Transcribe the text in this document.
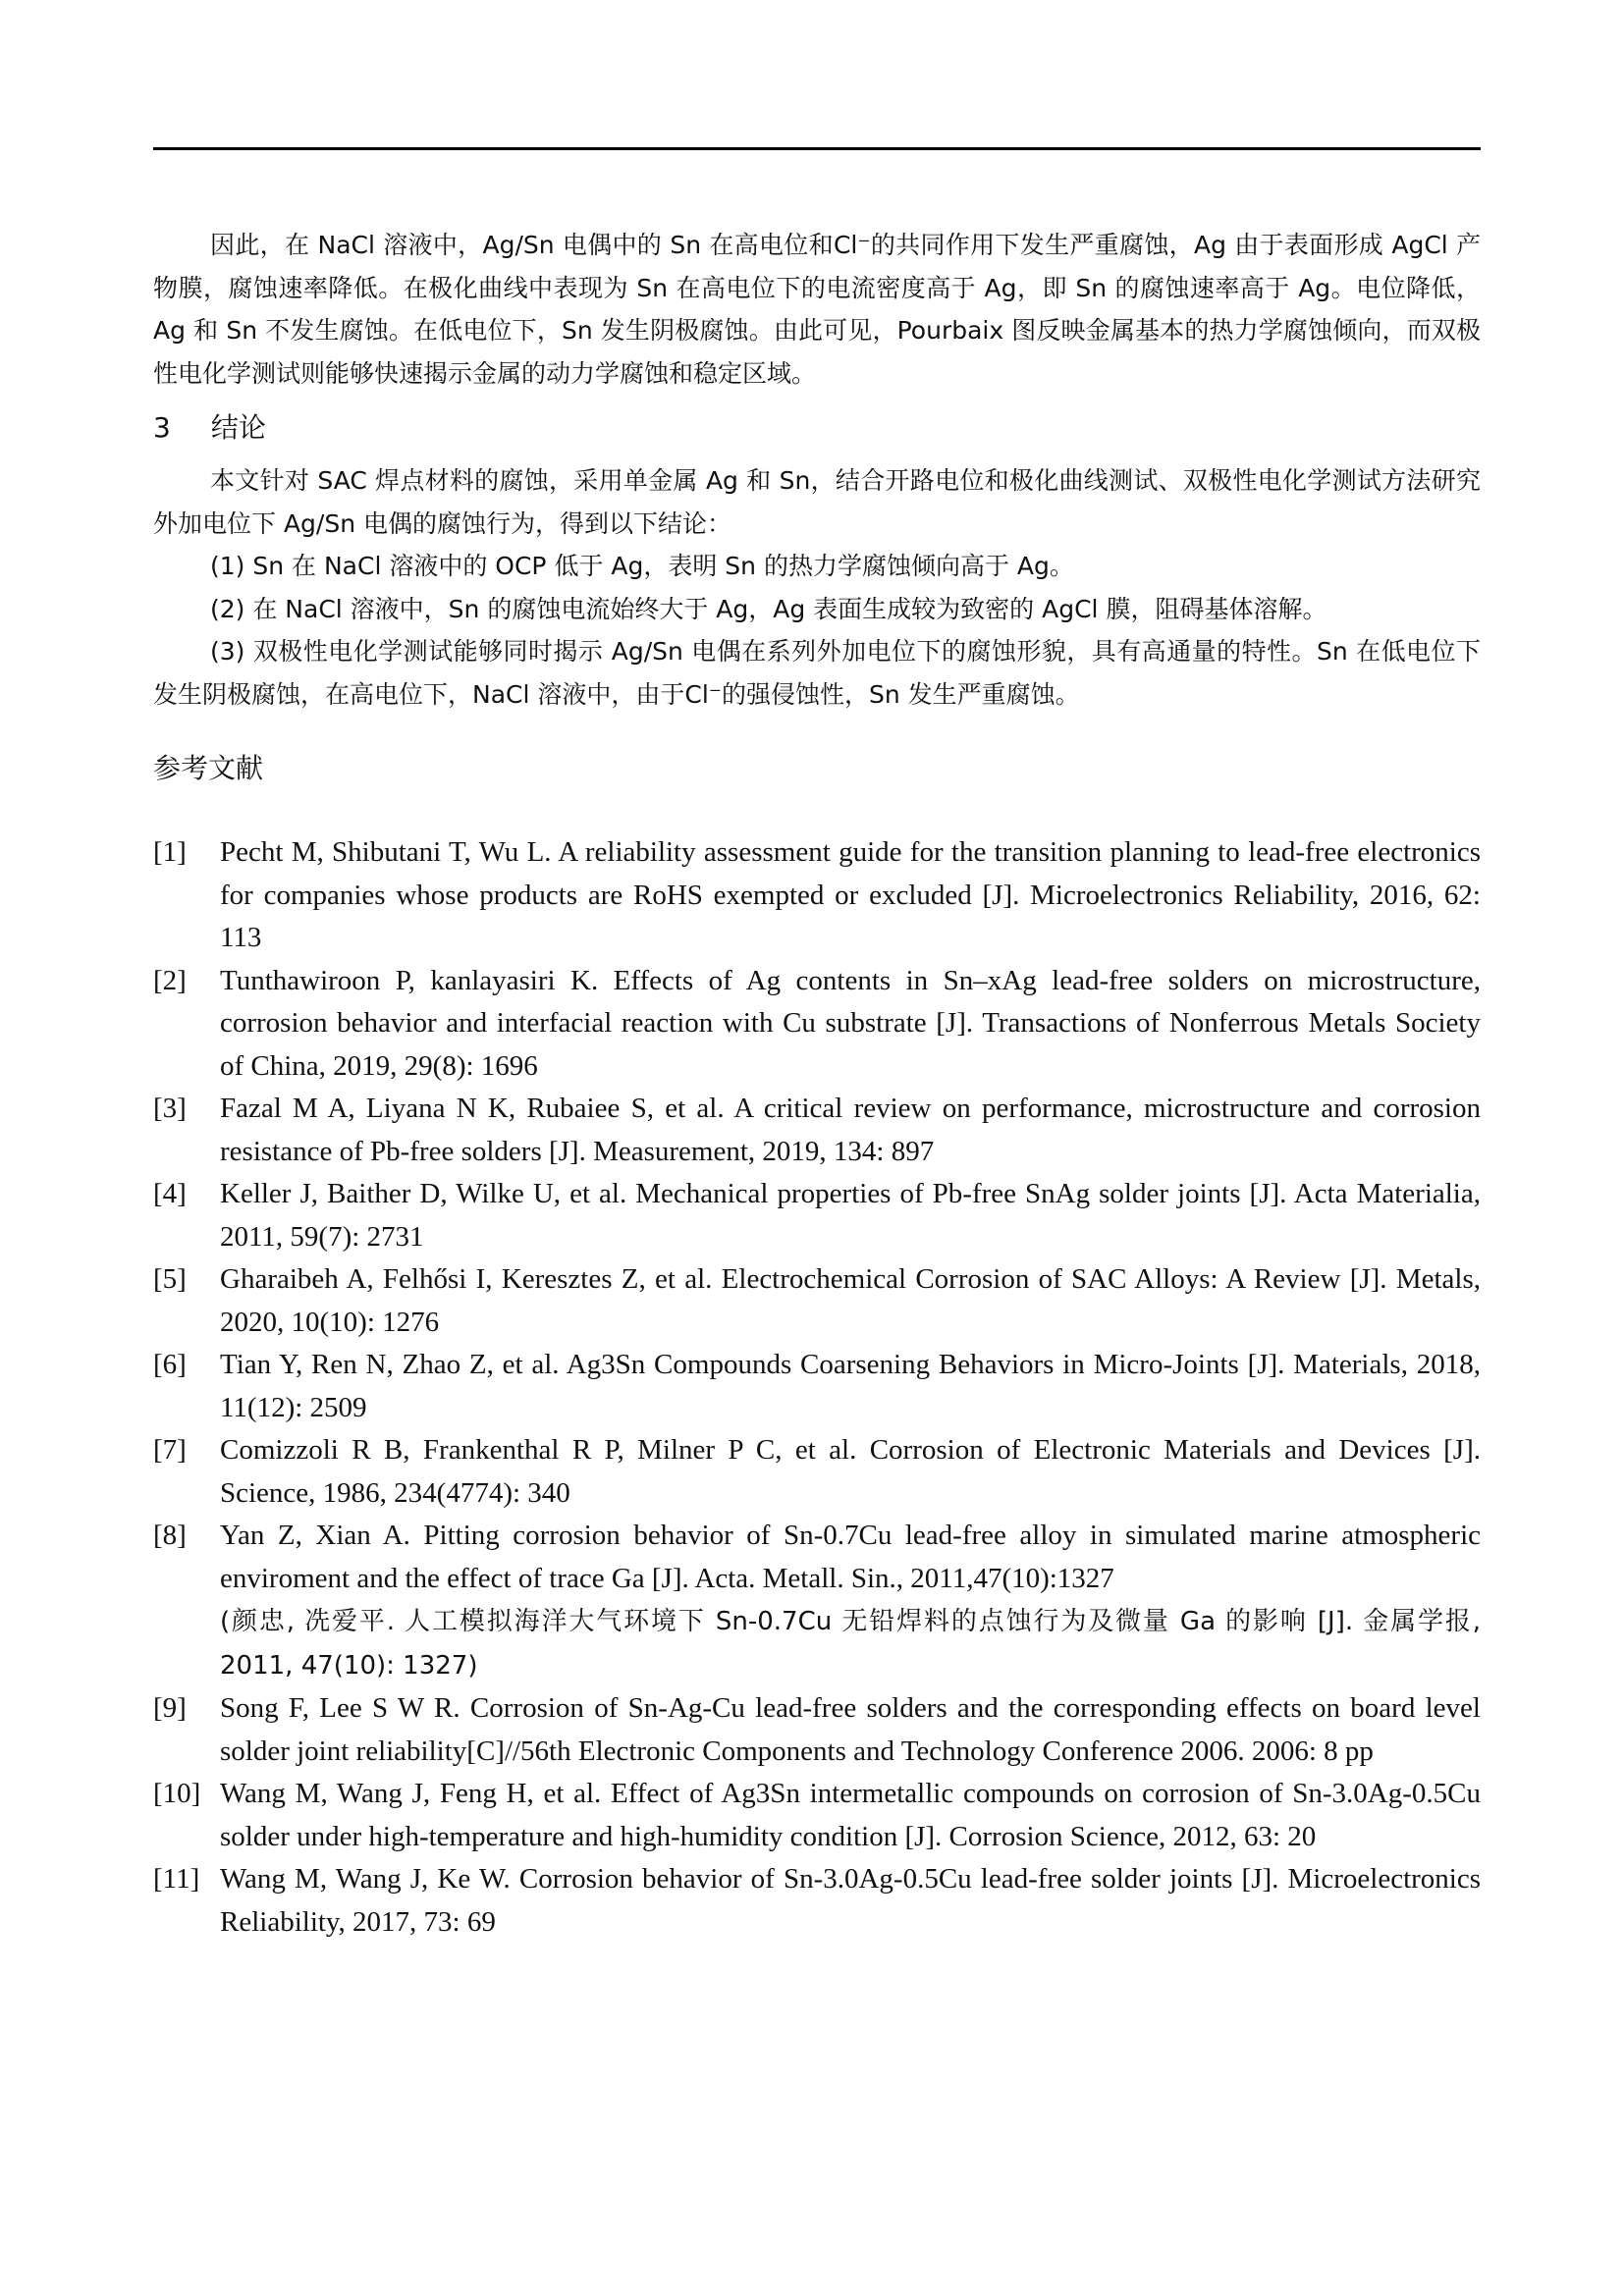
因此，在 NaCl 溶液中，Ag/Sn 电偶中的 Sn 在高电位和Cl⁻的共同作用下发生严重腐蚀，Ag 由于表面形成 AgCl 产物膜，腐蚀速率降低。在极化曲线中表现为 Sn 在高电位下的电流密度高于 Ag，即 Sn 的腐蚀速率高于 Ag。电位降低，Ag 和 Sn 不发生腐蚀。在低电位下，Sn 发生阴极腐蚀。由此可见，Pourbaix 图反映金属基本的热力学腐蚀倾向，而双极性电化学测试则能够快速揭示金属的动力学腐蚀和稳定区域。

3 结论

本文针对 SAC 焊点材料的腐蚀，采用单金属 Ag 和 Sn，结合开路电位和极化曲线测试、双极性电化学测试方法研究外加电位下 Ag/Sn 电偶的腐蚀行为，得到以下结论：

(1) Sn 在 NaCl 溶液中的 OCP 低于 Ag，表明 Sn 的热力学腐蚀倾向高于 Ag。

(2) 在 NaCl 溶液中，Sn 的腐蚀电流始终大于 Ag，Ag 表面生成较为致密的 AgCl 膜，阻碍基体溶解。

(3) 双极性电化学测试能够同时揭示 Ag/Sn 电偶在系列外加电位下的腐蚀形貌，具有高通量的特性。Sn 在低电位下发生阴极腐蚀，在高电位下，NaCl 溶液中，由于Cl⁻的强侵蚀性，Sn 发生严重腐蚀。

参考文献
[1] Pecht M, Shibutani T, Wu L. A reliability assessment guide for the transition planning to lead-free electronics for companies whose products are RoHS exempted or excluded [J]. Microelectronics Reliability, 2016, 62: 113
[2] Tunthawiroon P, kanlayasiri K. Effects of Ag contents in Sn–xAg lead-free solders on microstructure, corrosion behavior and interfacial reaction with Cu substrate [J]. Transactions of Nonferrous Metals Society of China, 2019, 29(8): 1696
[3] Fazal M A, Liyana N K, Rubaiee S, et al. A critical review on performance, microstructure and corrosion resistance of Pb-free solders [J]. Measurement, 2019, 134: 897
[4] Keller J, Baither D, Wilke U, et al. Mechanical properties of Pb-free SnAg solder joints [J]. Acta Materialia, 2011, 59(7): 2731
[5] Gharaibeh A, Felhősi I, Keresztes Z, et al. Electrochemical Corrosion of SAC Alloys: A Review [J]. Metals, 2020, 10(10): 1276
[6] Tian Y, Ren N, Zhao Z, et al. Ag3Sn Compounds Coarsening Behaviors in Micro-Joints [J]. Materials, 2018, 11(12): 2509
[7] Comizzoli R B, Frankenthal R P, Milner P C, et al. Corrosion of Electronic Materials and Devices [J]. Science, 1986, 234(4774): 340
[8] Yan Z, Xian A. Pitting corrosion behavior of Sn-0.7Cu lead-free alloy in simulated marine atmospheric enviroment and the effect of trace Ga [J]. Acta. Metall. Sin., 2011,47(10):1327
(颜忠, 冼爱平. 人工模拟海洋大气环境下 Sn-0.7Cu 无铅焊料的点蚀行为及微量 Ga 的影响 [J]. 金属学报, 2011, 47(10): 1327)
[9] Song F, Lee S W R. Corrosion of Sn-Ag-Cu lead-free solders and the corresponding effects on board level solder joint reliability[C]//56th Electronic Components and Technology Conference 2006. 2006: 8 pp
[10] Wang M, Wang J, Feng H, et al. Effect of Ag3Sn intermetallic compounds on corrosion of Sn-3.0Ag-0.5Cu solder under high-temperature and high-humidity condition [J]. Corrosion Science, 2012, 63: 20
[11] Wang M, Wang J, Ke W. Corrosion behavior of Sn-3.0Ag-0.5Cu lead-free solder joints [J]. Microelectronics Reliability, 2017, 73: 69
